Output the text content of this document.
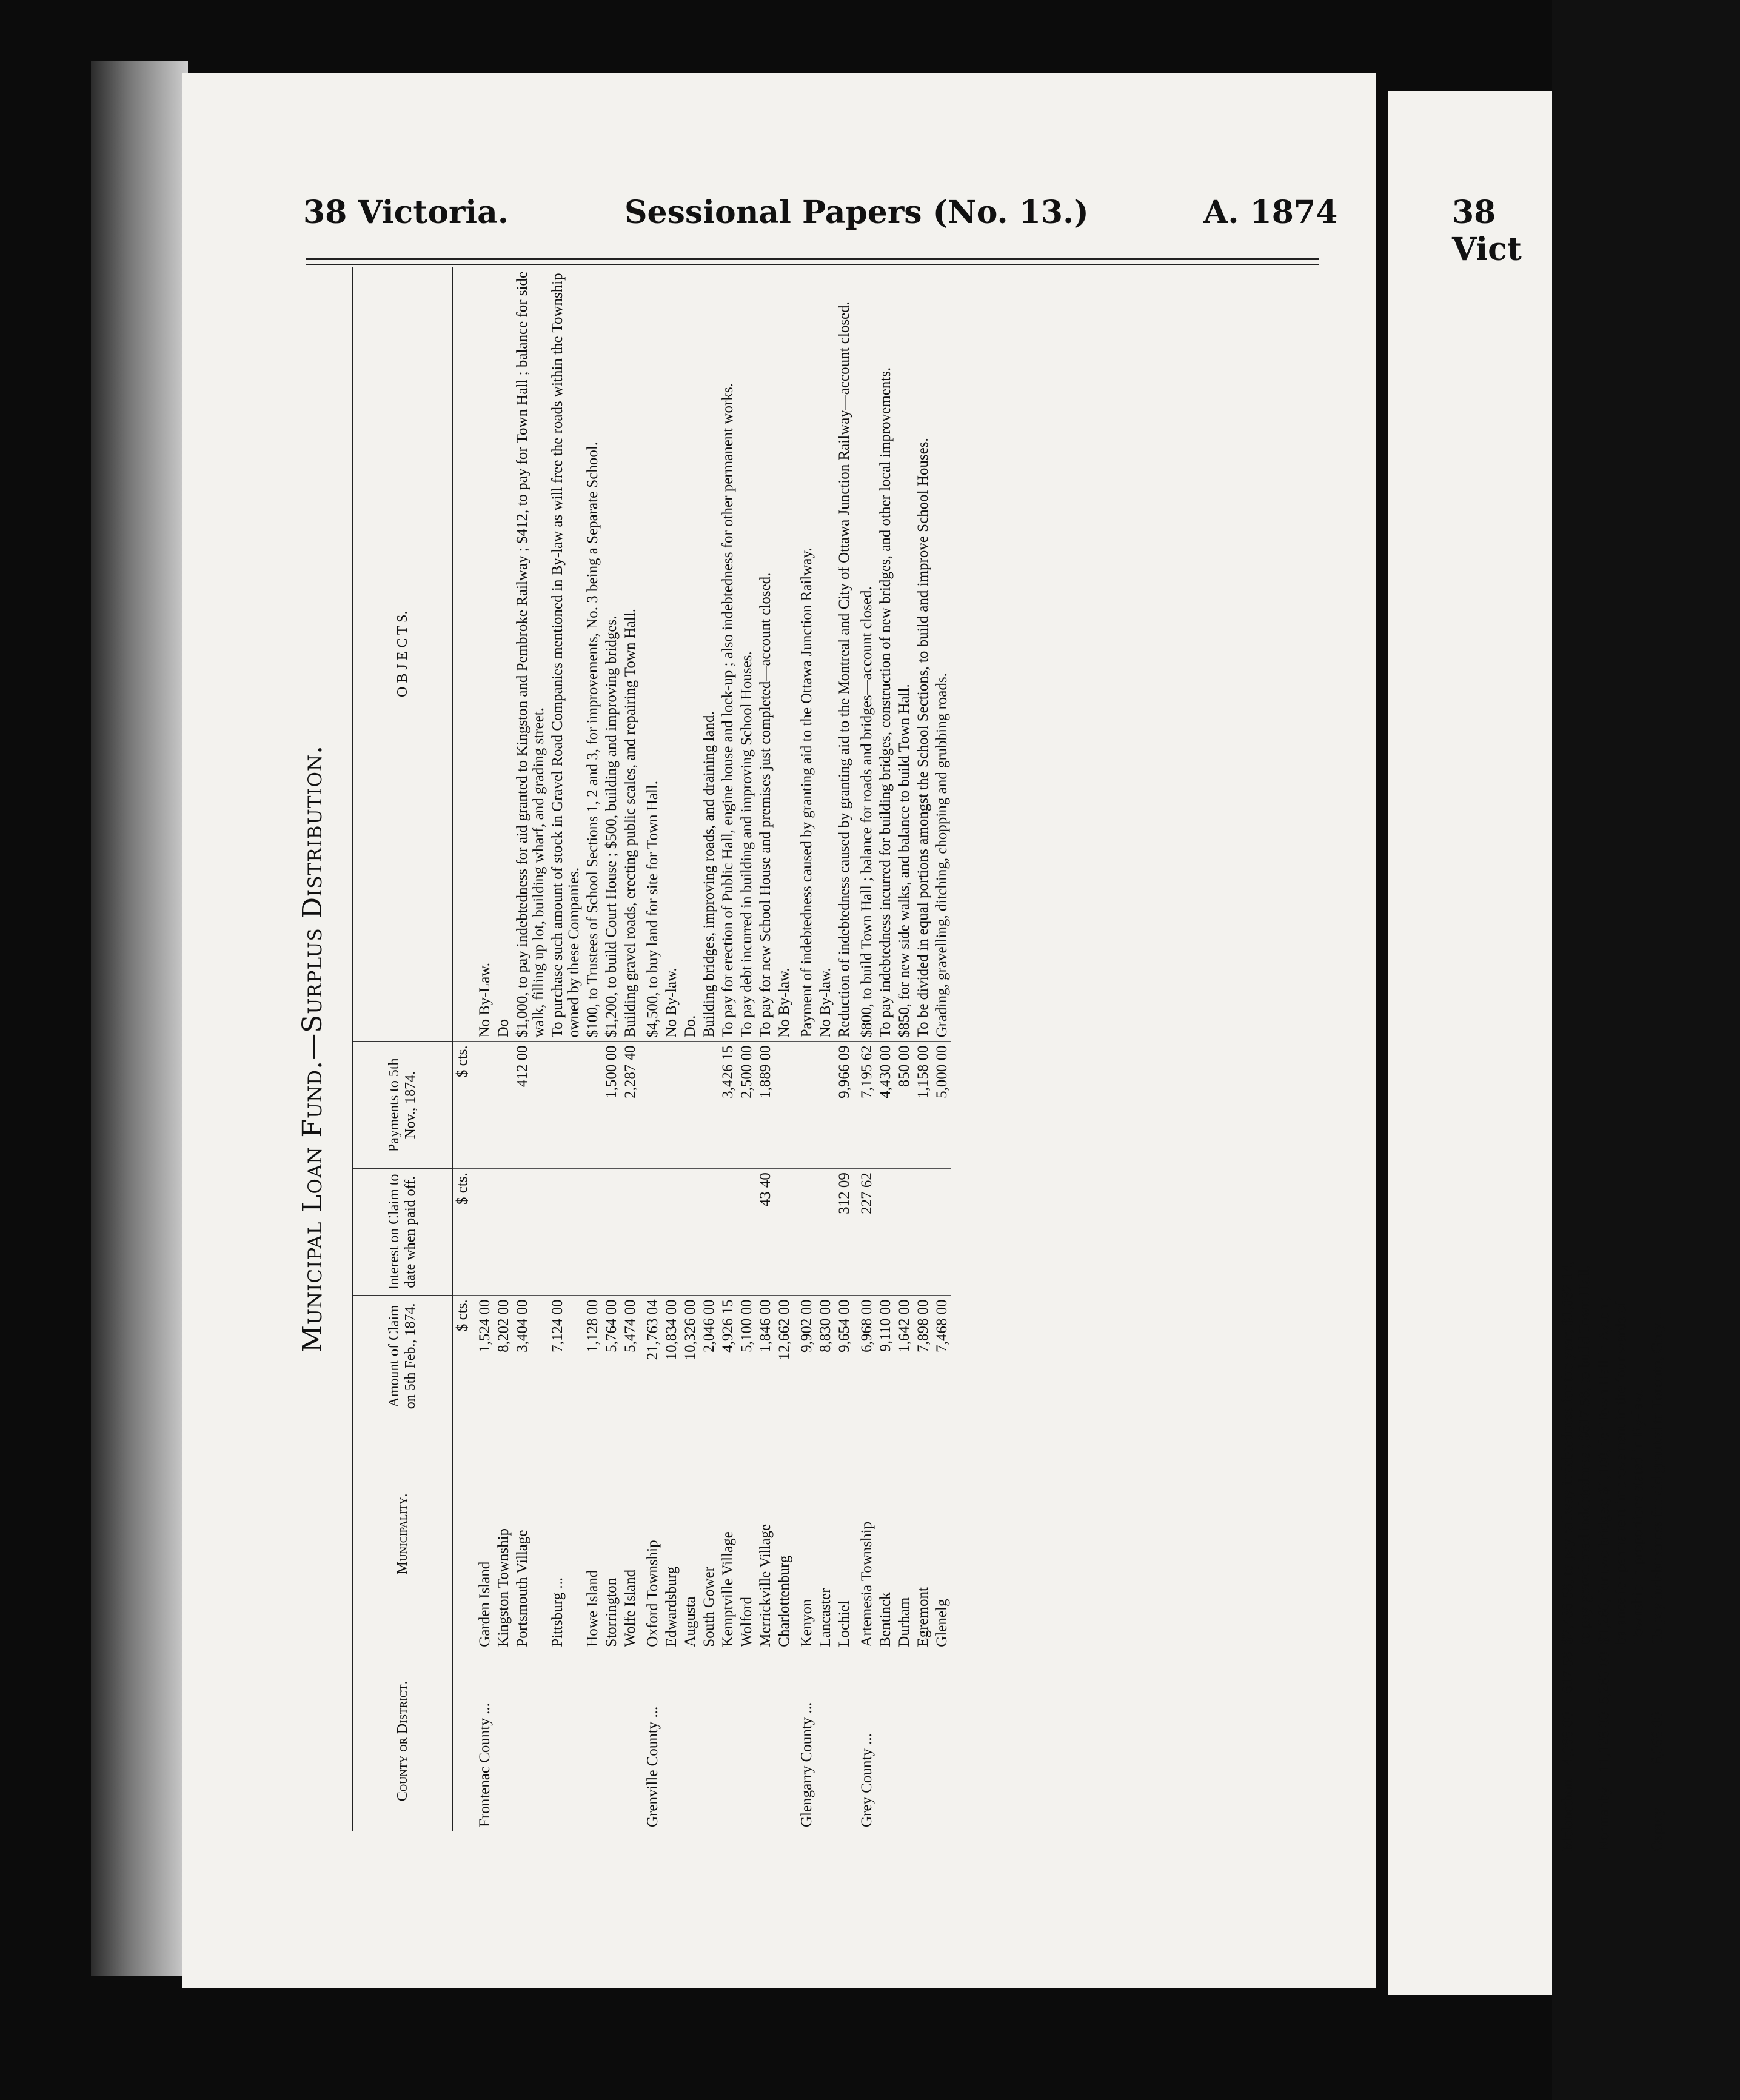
38 Victoria.	Sessional Papers (No. 13.)	A. 1874	38 Vict
Municipal Loan Fund.—Surplus Distribution.
County or District.	Municipality.	Amount of Claim on 5th Feb., 1874.	Interest on Claim to date when paid off.	Payments to 5th Nov., 1874.	O B J E C T S.
		$ cts.	$ cts.	$ cts.	
Frontenac County ...	Garden Island	1,524 00			No By-Law.
	Kingston Township	8,202 00			Do
	Portsmouth Village	3,404 00		412 00	$1,000, to pay indebtedness for aid granted to Kingston and Pembroke Railway ; $412, to pay for Town Hall ; balance for side walk, filling up lot, building wharf, and grading street.
	Pittsburg ...	7,124 00			To purchase such amount of stock in Gravel Road Companies mentioned in By-law as will free the roads within the Township owned by these Companies.
	Howe Island	1,128 00			$100, to Trustees of School Sections 1, 2 and 3, for improvements, No. 3 being a Separate School.
	Storrington	5,764 00		1,500 00	$1,200, to build Court House ; $500, building and improving bridges.
	Wolfe Island	5,474 00		2,287 40	Building gravel roads, erecting public scales, and repairing Town Hall.
Grenville County ...	Oxford Township	21,763 04			$4,500, to buy land for site for Town Hall.
	Edwardsburg	10,834 00			No By-law.
	Augusta	10,326 00			Do.
	South Gower	2,046 00			Building bridges, improving roads, and draining land.
	Kemptville Village	4,926 15		3,426 15	To pay for erection of Public Hall, engine house and lock-up ; also indebtedness for other permanent works.
	Wolford	5,100 00		2,500 00	To pay debt incurred in building and improving School Houses.
	Merrickville Village	1,846 00	43 40	1,889 00	To pay for new School House and premises just completed—account closed.
	Charlottenburg	12,662 00			No By-law.
Glengarry County ...	Kenyon	9,902 00			Payment of indebtedness caused by granting aid to the Ottawa Junction Railway.
	Lancaster	8,830 00			No By-law.
	Lochiel	9,654 00	312 09	9,966 09	Reduction of indebtedness caused by granting aid to the Montreal and City of Ottawa Junction Railway—account closed.
Grey County ...	Artemesia Township	6,968 00	227 62	7,195 62	$800, to build Town Hall ; balance for roads and bridges—account closed.
	Bentinck	9,110 00		4,430 00	To pay indebtedness incurred for building bridges, construction of new bridges, and other local improvements.
	Durham	1,642 00		850 00	$850, for new side walks, and balance to build Town Hall.
	Egremont	7,898 00		1,158 00	To be divided in equal portions amongst the School Sections, to build and improve School Houses.
	Glenelg	7,468 00		5,000 00	Grading, gravelling, ditching, chopping and grubbing roads.
Melancthon	4,086 00	617 58	$2,436 58, to pay railway indebtedness for the year; $1,032 14, to pay gravel road indebtedness ; $617 58, to build Town Hall.
Normanby	11,126 00	5,260 00	$1,260, for two bridges; $1,100, for Town Hall in Ayton ; balance for permanent improvement in the four wards of Township in proportions stated in By-law.
Osprey	6,066 00		To pay indebtedness for aid granted to Toronto, Grey ...
